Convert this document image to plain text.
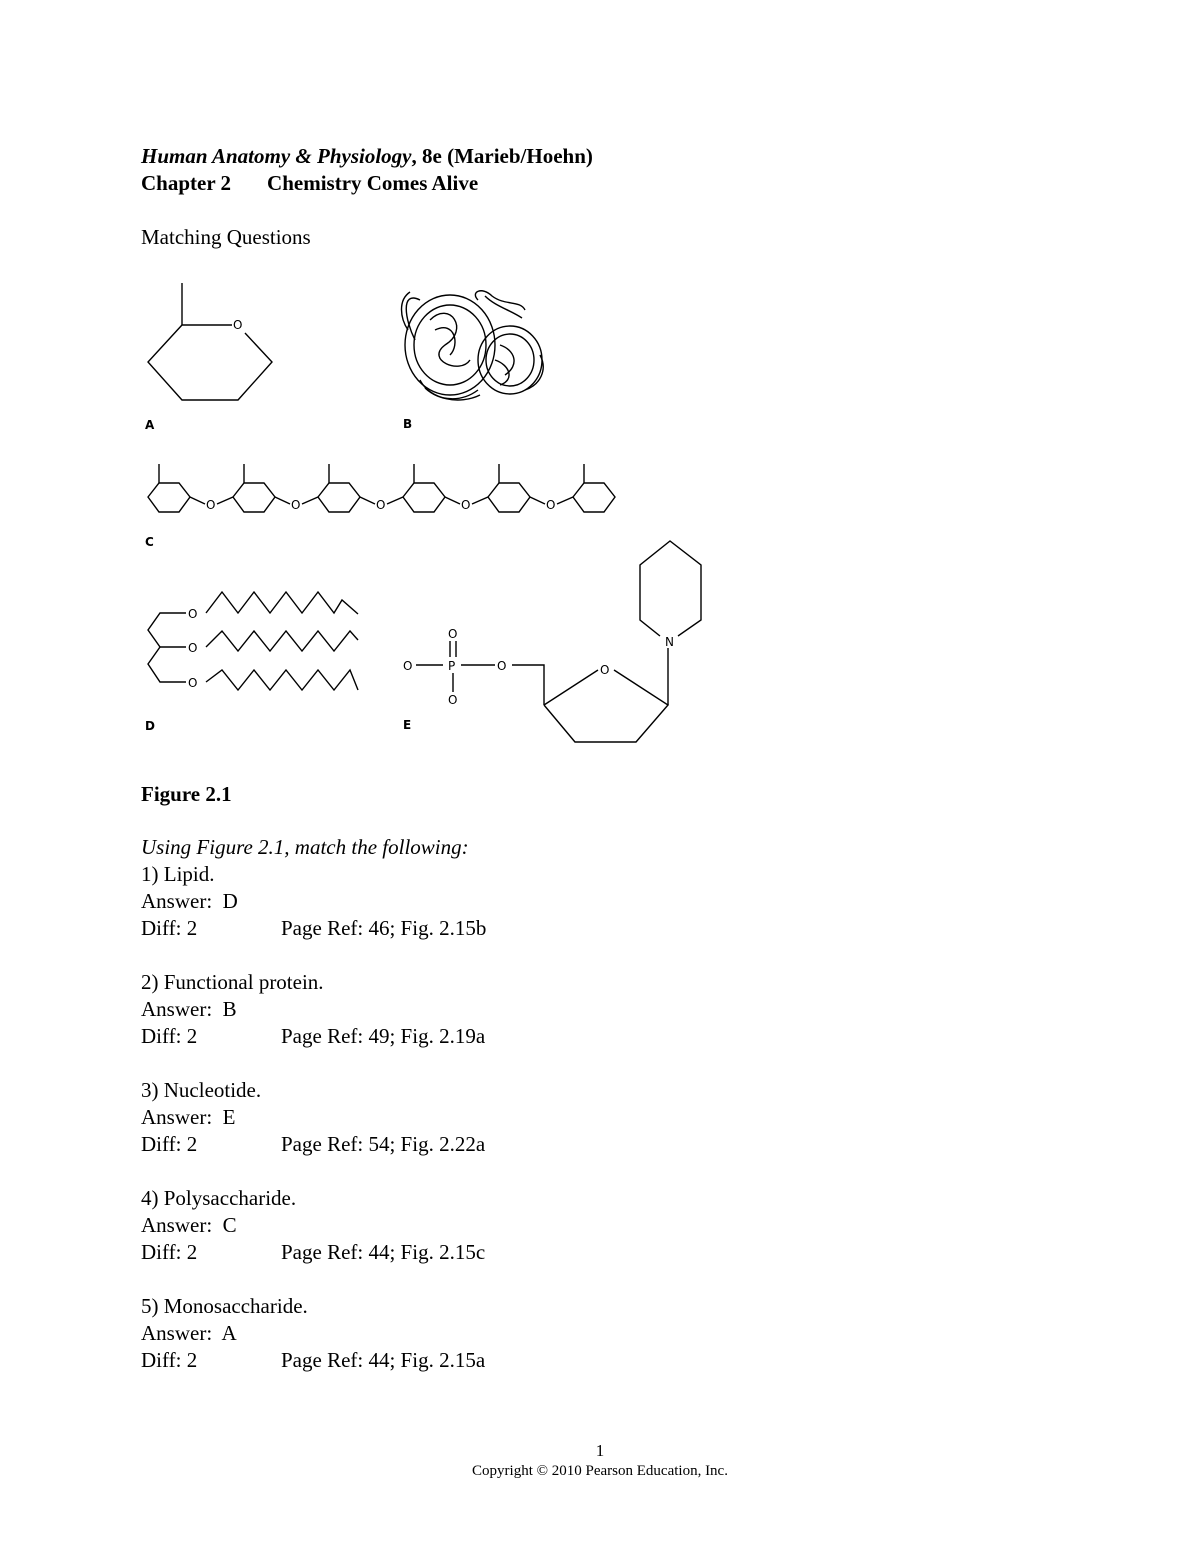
Human Anatomy & Physiology, 8e (Marieb/Hoehn)
Chapter 2 Chemistry Comes Alive
Matching Questions
O	O	O	O	O
O
O
O
O
O
O	P
O
O	O
N
A	B
C
D	E
Figure 2.1
Using Figure 2.1, match the following:
1) Lipid.
Answer:  D
Diff: 2	Page Ref: 46; Fig. 2.15b
2) Functional protein.
Answer:  B
Diff: 2	Page Ref: 49; Fig. 2.19a
3) Nucleotide.
Answer:  E
Diff: 2	Page Ref: 54; Fig. 2.22a
4) Polysaccharide.
Answer:  C
Diff: 2	Page Ref: 44; Fig. 2.15c
5) Monosaccharide.
Answer:  A
Diff: 2	Page Ref: 44; Fig. 2.15a
1
Copyright © 2010 Pearson Education, Inc.
